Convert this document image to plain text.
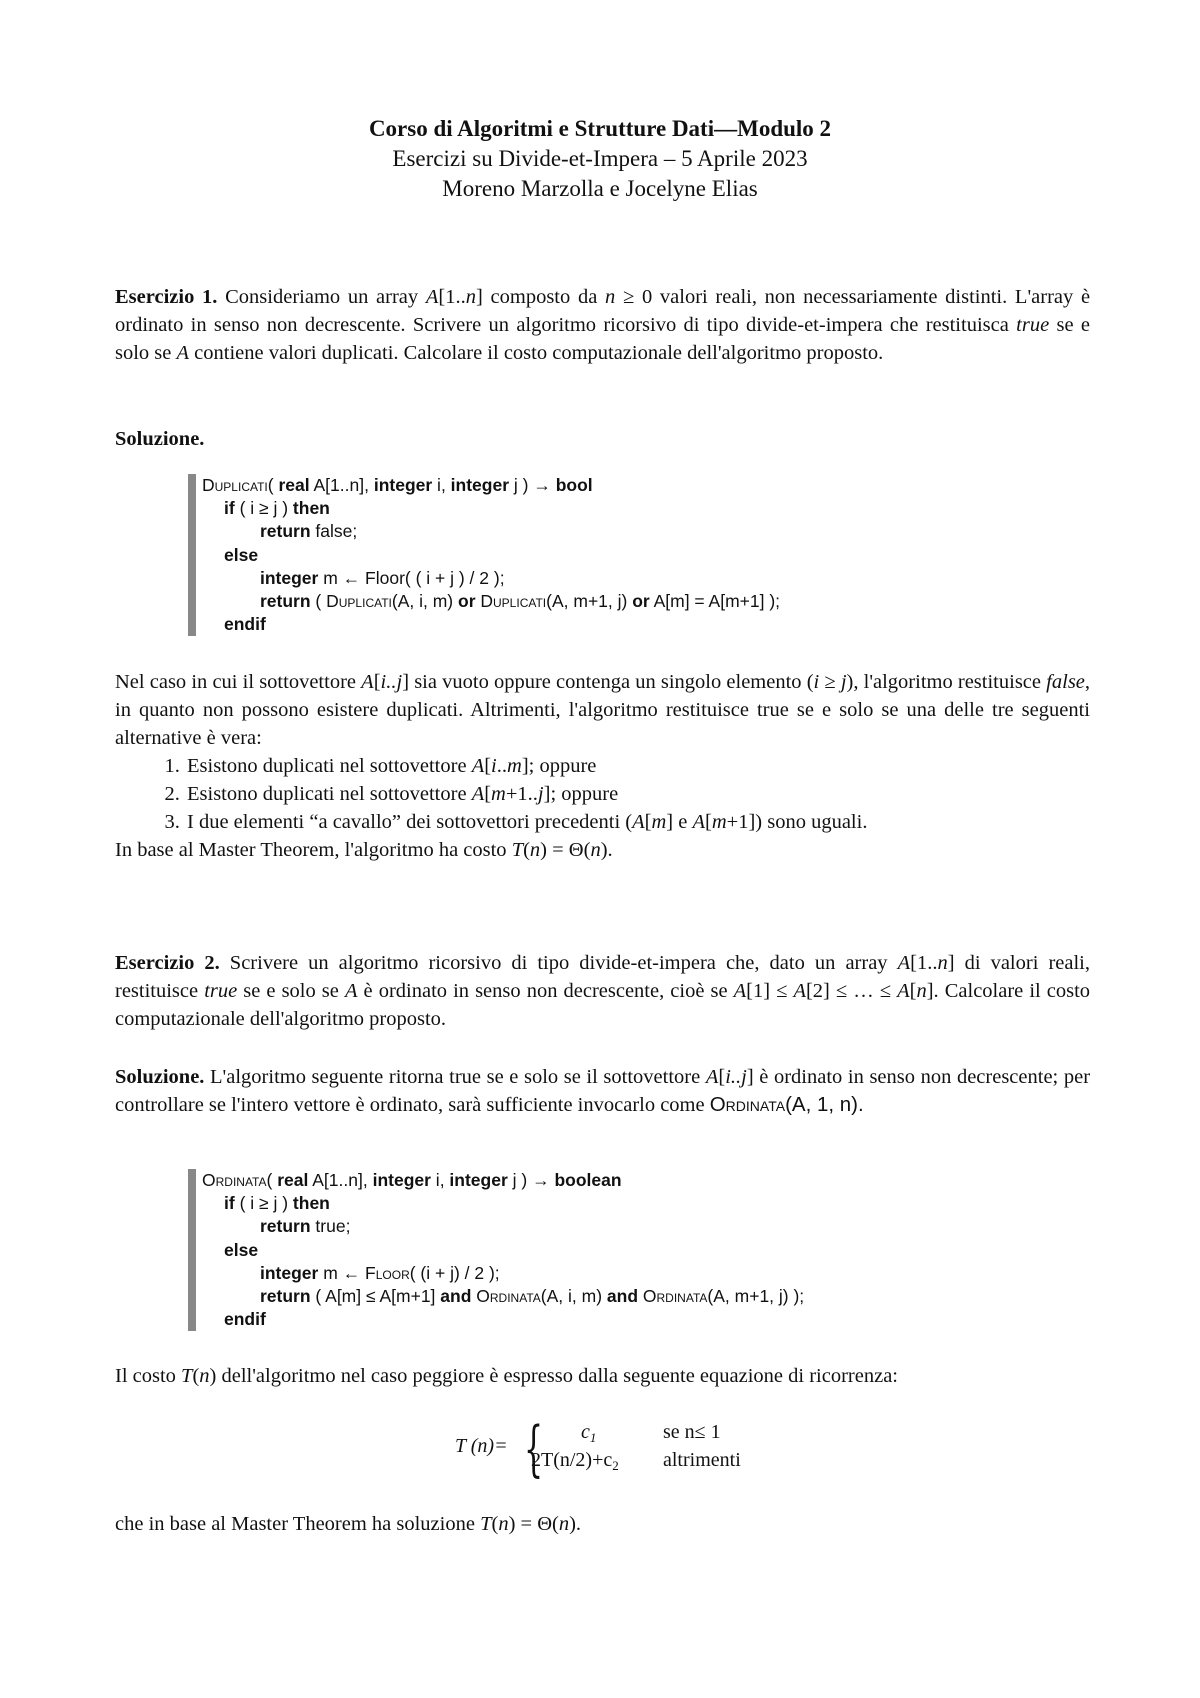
Corso di Algoritmi e Strutture Dati—Modulo 2
Esercizi su Divide-et-Impera – 5 Aprile 2023
Moreno Marzolla e Jocelyne Elias

Esercizio 1. Consideriamo un array A[1..n] composto da n ≥ 0 valori reali, non necessariamente distinti. L'array è ordinato in senso non decrescente. Scrivere un algoritmo ricorsivo di tipo divide-et-impera che restituisca true se e solo se A contiene valori duplicati. Calcolare il costo computazionale dell'algoritmo proposto.

Soluzione.
Duplicati( real A[1..n], integer i, integer j ) → bool
if ( i ≥ j ) then
return false;
else
integer m ← Floor( ( i + j ) / 2 );
return ( Duplicati(A, i, m) or Duplicati(A, m+1, j) or A[m] = A[m+1] );
endif

Nel caso in cui il sottovettore A[i..j] sia vuoto oppure contenga un singolo elemento (i ≥ j), l'algoritmo restituisce false, in quanto non possono esistere duplicati. Altrimenti, l'algoritmo restituisce true se e solo se una delle tre seguenti alternative è vera:

1. Esistono duplicati nel sottovettore A[i..m]; oppure
2. Esistono duplicati nel sottovettore A[m+1..j]; oppure
3. I due elementi “a cavallo” dei sottovettori precedenti (A[m] e A[m+1]) sono uguali.

In base al Master Theorem, l'algoritmo ha costo T(n) = Θ(n).

Esercizio 2. Scrivere un algoritmo ricorsivo di tipo divide-et-impera che, dato un array A[1..n] di valori reali, restituisce true se e solo se A è ordinato in senso non decrescente, cioè se A[1] ≤ A[2] ≤ … ≤ A[n]. Calcolare il costo computazionale dell'algoritmo proposto.

Soluzione. L'algoritmo seguente ritorna true se e solo se il sottovettore A[i..j] è ordinato in senso non decrescente; per controllare se l'intero vettore è ordinato, sarà sufficiente invocarlo come Ordinata(A, 1, n).

Ordinata( real A[1..n], integer i, integer j ) → boolean
if ( i ≥ j ) then
return true;
else
integer m ← Floor( (i + j) / 2 );
return ( A[m] ≤ A[m+1] and Ordinata(A, i, m) and Ordinata(A, m+1, j) );
endif

Il costo T(n) dell'algoritmo nel caso peggiore è espresso dalla seguente equazione di ricorrenza:

T (n)= { $c_1$
$2T(n/2)+c_2$
se n≤ 1
altrimenti

che in base al Master Theorem ha soluzione T(n) = Θ(n).
